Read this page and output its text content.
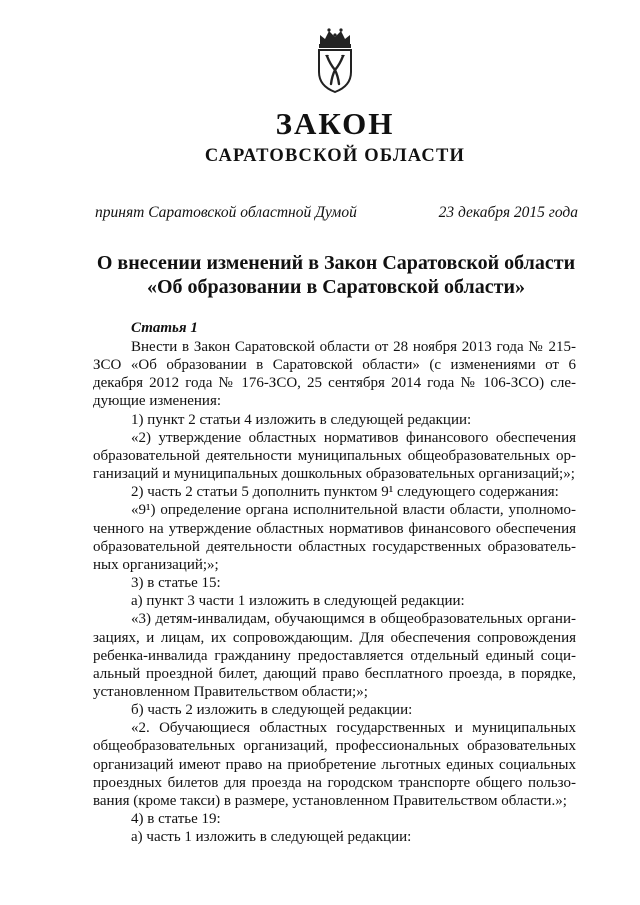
ЗАКОН
САРАТОВСКОЙ ОБЛАСТИ
принят Саратовской областной Думой	23 декабря 2015 года
О внесении изменений в Закон Саратовской области
«Об образовании в Саратовской области»
Статья 1

Внести в Закон Саратовской области от 28 ноября 2013 года № 215-ЗСО «Об образовании в Саратовской области» (с изменениями от 6 декабря 2012 года № 176-ЗСО, 25 сентября 2014 года № 106-ЗСО) следующие изменения:

1) пункт 2 статьи 4 изложить в следующей редакции:

«2) утверждение областных нормативов финансового обеспечения образовательной деятельности муниципальных общеобразовательных организаций и муниципальных дошкольных образовательных организаций;»;

2) часть 2 статьи 5 дополнить пунктом 9¹ следующего содержания:

«9¹) определение органа исполнительной власти области, уполномоченного на утверждение областных нормативов финансового обеспечения образовательной деятельности областных государственных образовательных организаций;»;

3) в статье 15:

а) пункт 3 части 1 изложить в следующей редакции:

«3) детям-инвалидам, обучающимся в общеобразовательных организациях, и лицам, их сопровождающим. Для обеспечения сопровождения ребенка-инвалида гражданину предоставляется отдельный единый социальный проездной билет, дающий право бесплатного проезда, в порядке, установленном Правительством области;»;

б) часть 2 изложить в следующей редакции:

«2. Обучающиеся областных государственных и муниципальных общеобразовательных организаций, профессиональных образовательных организаций имеют право на приобретение льготных единых социальных проездных билетов для проезда на городском транспорте общего пользования (кроме такси) в размере, установленном Правительством области.»;

4) в статье 19:

а) часть 1 изложить в следующей редакции:
